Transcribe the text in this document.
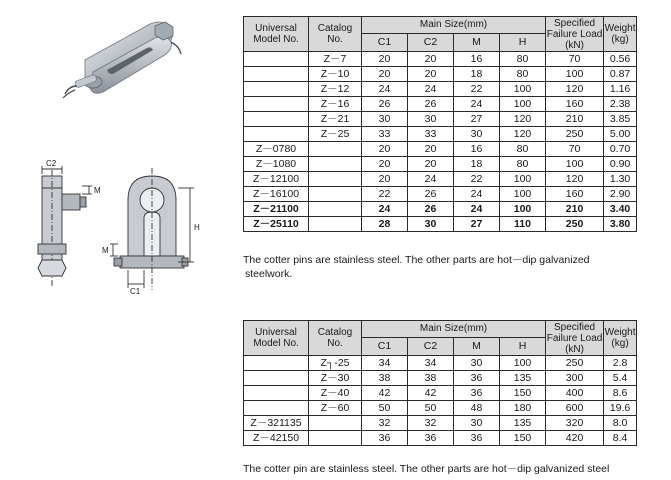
C2
M
H
M
C1
Universal Model No.	Catalog No.	Main Size(mm)				Specified Failure Load (kN)	Weight (kg)
		C1	C2	M	H		
	Z－7	20	20	16	80	70	0.56
	Z－10	20	20	18	80	100	0.87
	Z－12	24	24	22	100	120	1.16
	Z－16	26	26	24	100	160	2.38
	Z－21	30	30	27	120	210	3.85
	Z－25	33	33	30	120	250	5.00
Z－0780		20	20	16	80	70	0.70
Z－1080		20	20	18	80	100	0.90
Z－12100		20	24	22	100	120	1.30
Z－16100		22	26	24	100	160	2.90
Z－21100		24	26	24	100	210	3.40
Z－25110		28	30	27	110	250	3.80
The cotter pins are stainless steel. The other parts are hot－dip galvanized
steelwork.
Universal Model No.	Catalog No.	Main Size(mm)				Specified Failure Load (kN)	Weight (kg)
		C1	C2	M	H		
	Z┐-25	34	34	30	100	250	2.8
	Z－30	38	38	36	135	300	5.4
	Z－40	42	42	36	150	400	8.6
	Z－60	50	50	48	180	600	19.6
Z－321135		32	32	30	135	320	8.0
Z－42150		36	36	36	150	420	8.4
The cotter pin are stainless steel. The other parts are hot－dip galvanized steel
